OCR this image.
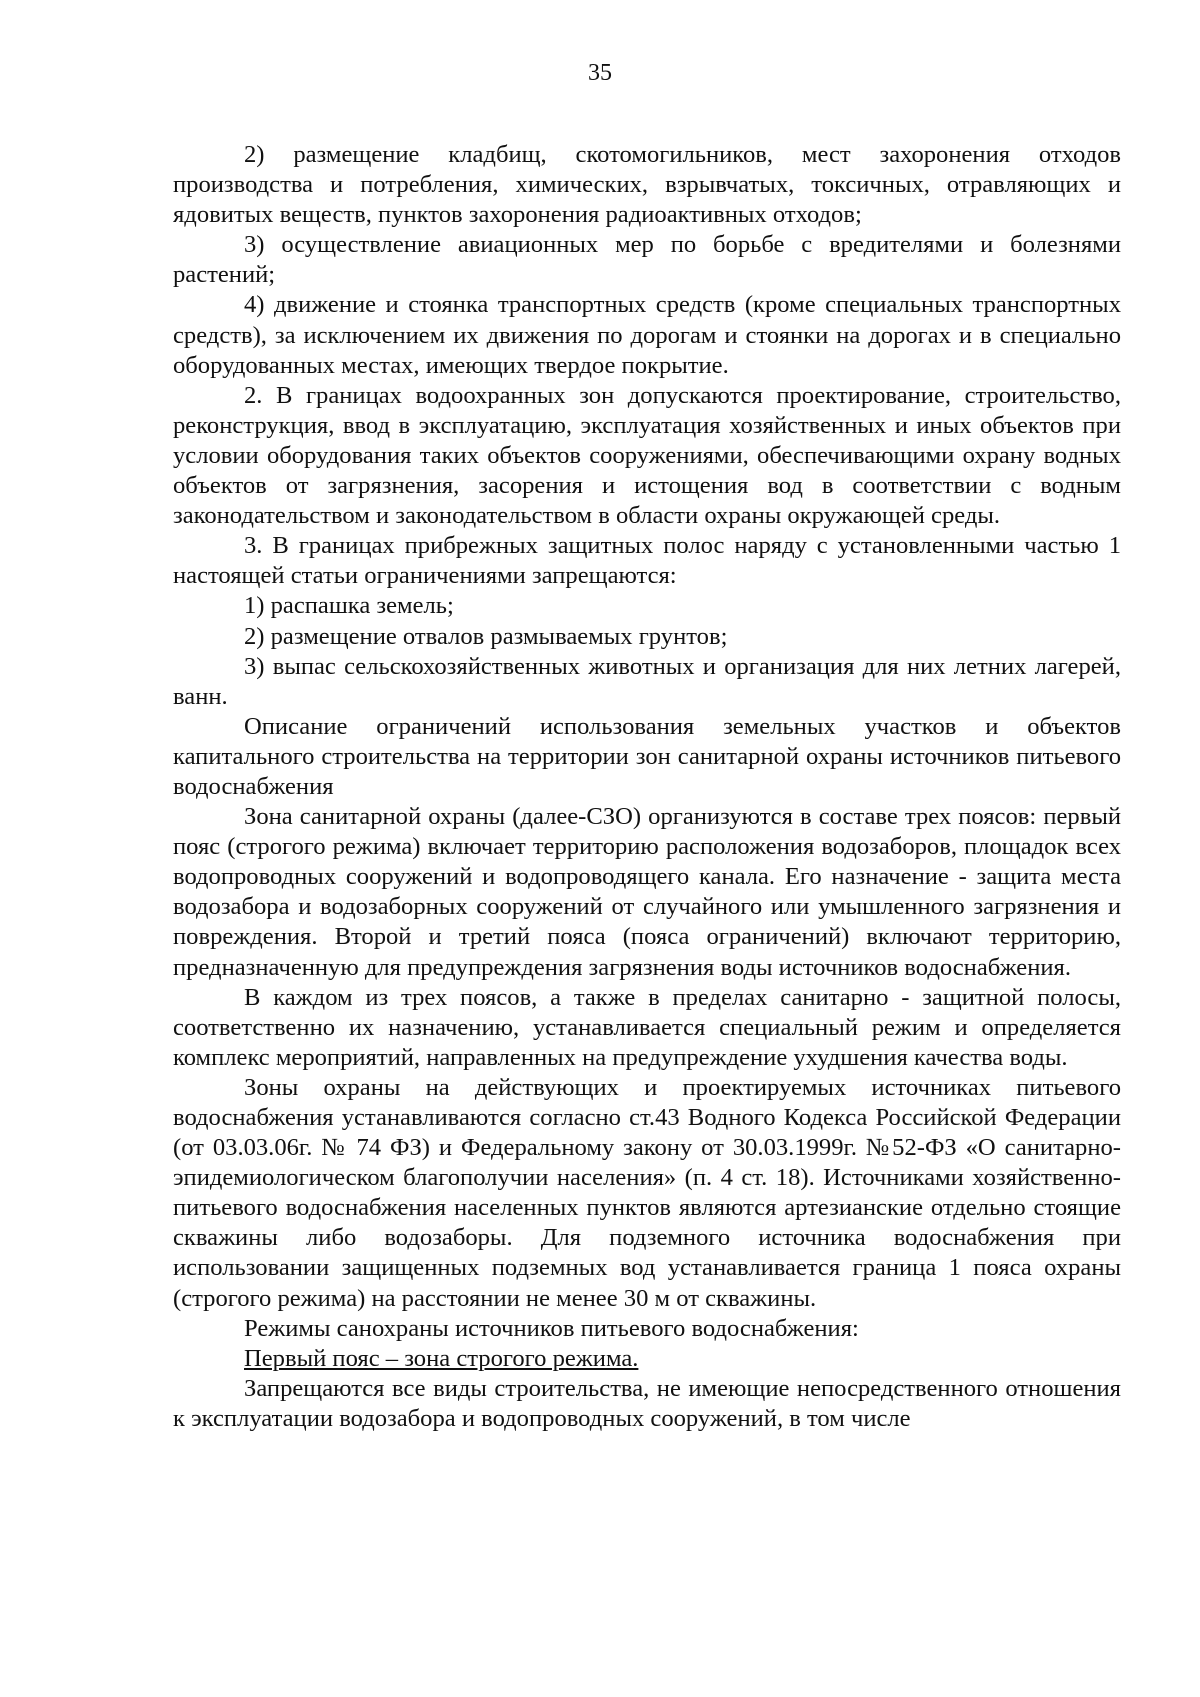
35

2) размещение кладбищ, скотомогильников, мест захоронения отходов производства и потребления, химических, взрывчатых, токсичных, отравляющих и ядовитых веществ, пунктов захоронения радиоактивных отходов;

3) осуществление авиационных мер по борьбе с вредителями и болезнями растений;

4) движение и стоянка транспортных средств (кроме специальных транспортных средств), за исключением их движения по дорогам и стоянки на дорогах и в специально оборудованных местах, имеющих твердое покрытие.

2. В границах водоохранных зон допускаются проектирование, строительство, реконструкция, ввод в эксплуатацию, эксплуатация хозяйственных и иных объектов при условии оборудования таких объектов сооружениями, обеспечивающими охрану водных объектов от загрязнения, засорения и истощения вод в соответствии с водным законодательством и законодательством в области охраны окружающей среды.

3. В границах прибрежных защитных полос наряду с установленными частью 1 настоящей статьи ограничениями запрещаются:

1) распашка земель;

2) размещение отвалов размываемых грунтов;

3) выпас сельскохозяйственных животных и организация для них летних лагерей, ванн.

Описание ограничений использования земельных участков и объектов капитального строительства на территории зон санитарной охраны источников питьевого водоснабжения

Зона санитарной охраны (далее-СЗО) организуются в составе трех поясов: первый пояс (строгого режима) включает территорию расположения водозаборов, площадок всех водопроводных сооружений и водопроводящего канала. Его назначение - защита места водозабора и водозаборных сооружений от случайного или умышленного загрязнения и повреждения. Второй и третий пояса (пояса ограничений) включают территорию, предназначенную для предупреждения загрязнения воды источников водоснабжения.

В каждом из трех поясов, а также в пределах санитарно - защитной полосы, соответственно их назначению, устанавливается специальный режим и определяется комплекс мероприятий, направленных на предупреждение ухудшения качества воды.

Зоны охраны на действующих и проектируемых источниках питьевого водоснабжения устанавливаются согласно ст.43 Водного Кодекса Российской Федерации (от 03.03.06г. № 74 ФЗ) и Федеральному закону от 30.03.1999г. №52-ФЗ «О санитарно-эпидемиологическом благополучии населения» (п. 4 ст. 18). Источниками хозяйственно-питьевого водоснабжения населенных пунктов являются артезианские отдельно стоящие скважины либо водозаборы. Для подземного источника водоснабжения при использовании защищенных подземных вод устанавливается граница 1 пояса охраны (строгого режима) на расстоянии не менее 30 м от скважины.

Режимы санохраны источников питьевого водоснабжения:

Первый пояс – зона строгого режима.

Запрещаются все виды строительства, не имеющие непосредственного отношения к эксплуатации водозабора и водопроводных сооружений, в том числе
